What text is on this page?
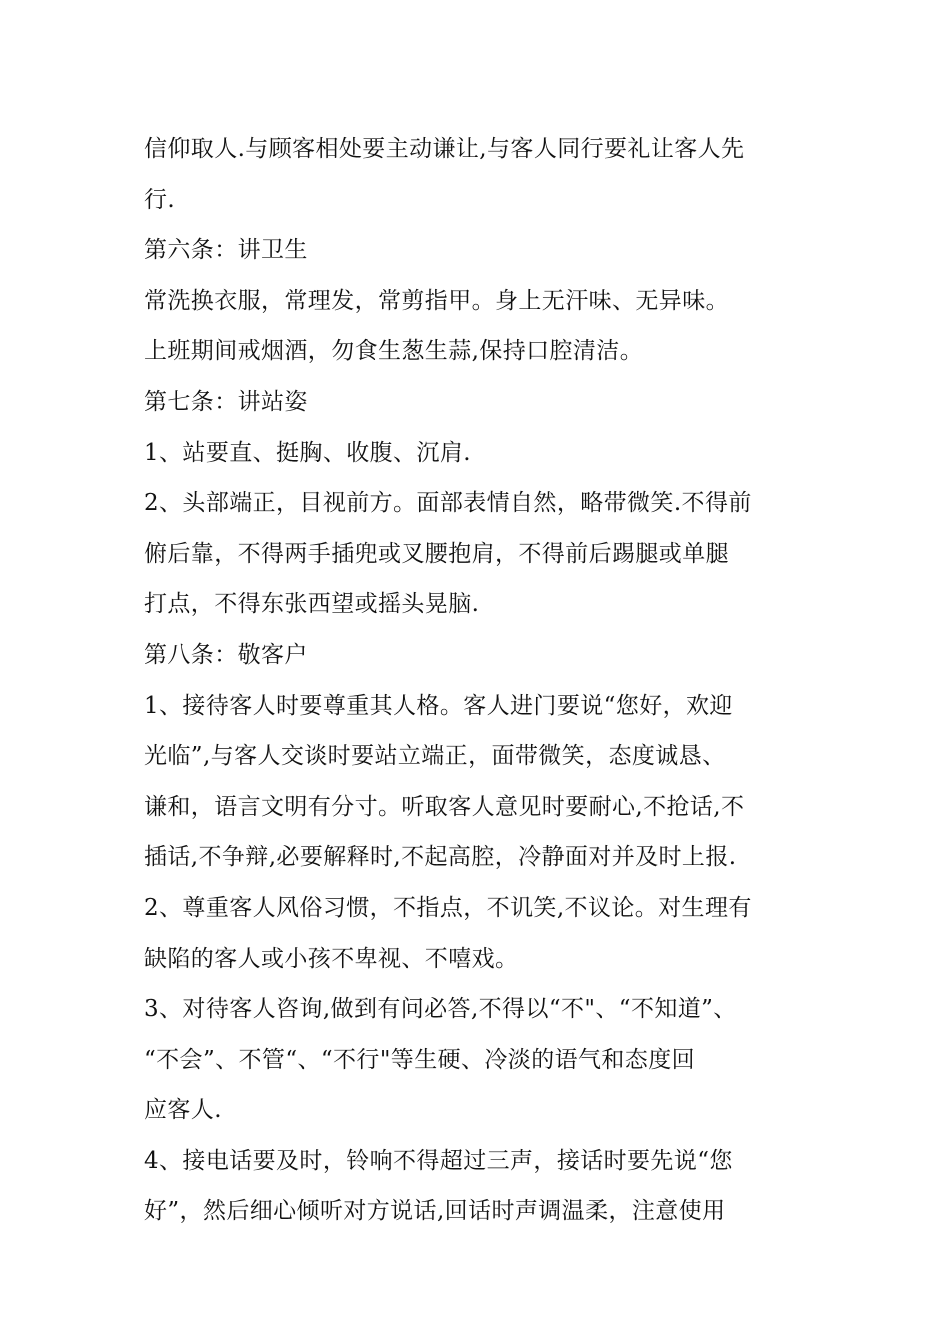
信仰取人.与顾客相处要主动谦让,与客人同行要礼让客人先
行.
第六条：讲卫生
常洗换衣服，常理发，常剪指甲。身上无汗味、无异味。
上班期间戒烟酒，勿食生葱生蒜,保持口腔清洁。
第七条：讲站姿
1、站要直、挺胸、收腹、沉肩.
2、头部端正，目视前方。面部表情自然，略带微笑.不得前
俯后靠，不得两手插兜或叉腰抱肩，不得前后踢腿或单腿
打点，不得东张西望或摇头晃脑.
第八条：敬客户
1、接待客人时要尊重其人格。客人进门要说“您好，欢迎
光临”,与客人交谈时要站立端正，面带微笑，态度诚恳、
谦和，语言文明有分寸。听取客人意见时要耐心,不抢话,不
插话,不争辩,必要解释时,不起高腔，冷静面对并及时上报.
2、尊重客人风俗习惯，不指点，不讥笑,不议论。对生理有
缺陷的客人或小孩不卑视、不嘻戏。
3、对待客人咨询,做到有问必答,不得以“不"、“不知道”、
“不会”、不管“、“不行"等生硬、冷淡的语气和态度回
应客人.
4、接电话要及时，铃响不得超过三声，接话时要先说“您
好”，然后细心倾听对方说话,回话时声调温柔，注意使用
